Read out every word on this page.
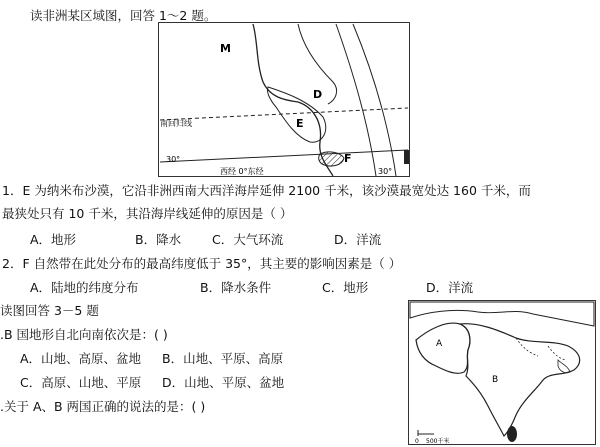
读非洲某区域图，回答 1～2 题。
M
D
E
F
南回归线
30°
西经 0°东经	30°
1．E 为纳米布沙漠，它沿非洲西南大西洋海岸延伸 2100 千米，该沙漠最宽处达 160 千米，而
最狭处只有 10 千米，其沿海岸线延伸的原因是（ ）
A．地形	B．降水 C．大气环流	D．洋流
2．F 自然带在此处分布的最高纬度低于 35°，其主要的影响因素是（ ）
A．陆地的纬度分布	B．降水条件	C．地形	D．洋流
读图回答 3－5 题
.B 国地形自北向南依次是：( )
A．山地、高原、盆地 B．山地、平原、高原
C．高原、山地、平原 D．山地、平原、盆地
.关于 A、B 两国正确的说法的是：( )
A
B
0 500千米
